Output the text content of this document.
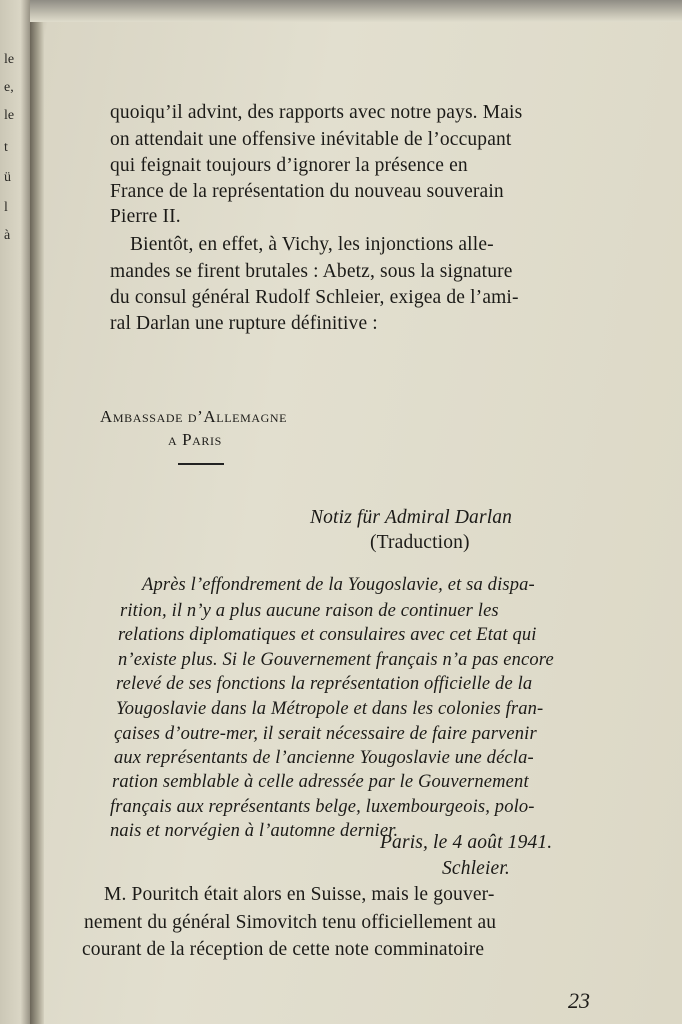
le
e,
le
t
ü
l
à
quoiqu’il advint, des rapports avec notre pays. Mais
on attendait une offensive inévitable de l’occupant
qui feignait toujours d’ignorer la présence en
France de la représentation du nouveau souverain
Pierre II.
Bientôt, en effet, à Vichy, les injonctions alle-
mandes se firent brutales : Abetz, sous la signature
du consul général Rudolf Schleier, exigea de l’ami-
ral Darlan une rupture définitive :
Ambassade d’Allemagne
a Paris
Notiz für Admiral Darlan
(Traduction)
Après l’effondrement de la Yougoslavie, et sa dispa-
rition, il n’y a plus aucune raison de continuer les
relations diplomatiques et consulaires avec cet Etat qui
n’existe plus. Si le Gouvernement français n’a pas encore
relevé de ses fonctions la représentation officielle de la
Yougoslavie dans la Métropole et dans les colonies fran-
çaises d’outre-mer, il serait nécessaire de faire parvenir
aux représentants de l’ancienne Yougoslavie une décla-
ration semblable à celle adressée par le Gouvernement
français aux représentants belge, luxembourgeois, polo-
nais et norvégien à l’automne dernier.
Paris, le 4 août 1941.
Schleier.
M. Pouritch était alors en Suisse, mais le gouver-
nement du général Simovitch tenu officiellement au
courant de la réception de cette note comminatoire
23
